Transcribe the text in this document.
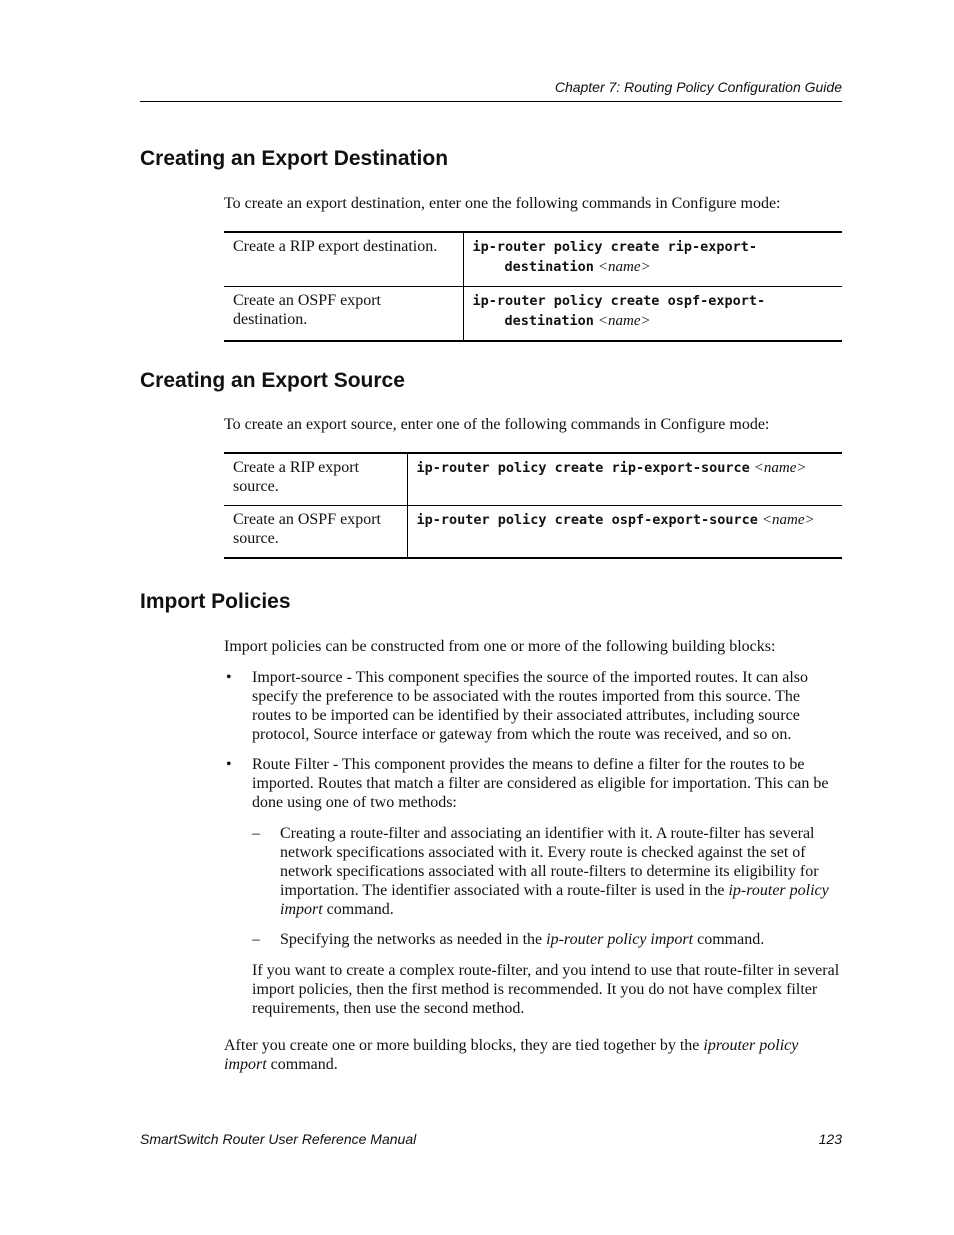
Chapter 7: Routing Policy Configuration Guide
Creating an Export Destination

To create an export destination, enter one the following commands in Configure mode:

Create a RIP export destination.	ip-router policy create rip-export-
destination <name>

Create an OSPF export destination.	ip-router policy create ospf-export-
destination <name>
Creating an Export Source

To create an export source, enter one of the following commands in Configure mode:

Create a RIP export source.	ip-router policy create rip-export-source <name>
Create an OSPF export source.	ip-router policy create ospf-export-source <name>
Import Policies

Import policies can be constructed from one or more of the following building blocks:

• Import-source - This component specifies the source of the imported routes. It can also specify the preference to be associated with the routes imported from this source. The routes to be imported can be identified by their associated attributes, including source protocol, Source interface or gateway from which the route was received, and so on.
• Route Filter - This component provides the means to define a filter for the routes to be imported. Routes that match a filter are considered as eligible for importation. This can be done using one of two methods:
– Creating a route-filter and associating an identifier with it. A route-filter has several network specifications associated with it. Every route is checked against the set of network specifications associated with all route-filters to determine its eligibility for importation. The identifier associated with a route-filter is used in the ip-router policy import command.
– Specifying the networks as needed in the ip-router policy import command.

If you want to create a complex route-filter, and you intend to use that route-filter in several import policies, then the first method is recommended. It you do not have complex filter requirements, then use the second method.

After you create one or more building blocks, they are tied together by the iprouter policy import command.

SmartSwitch Router User Reference Manual	123
